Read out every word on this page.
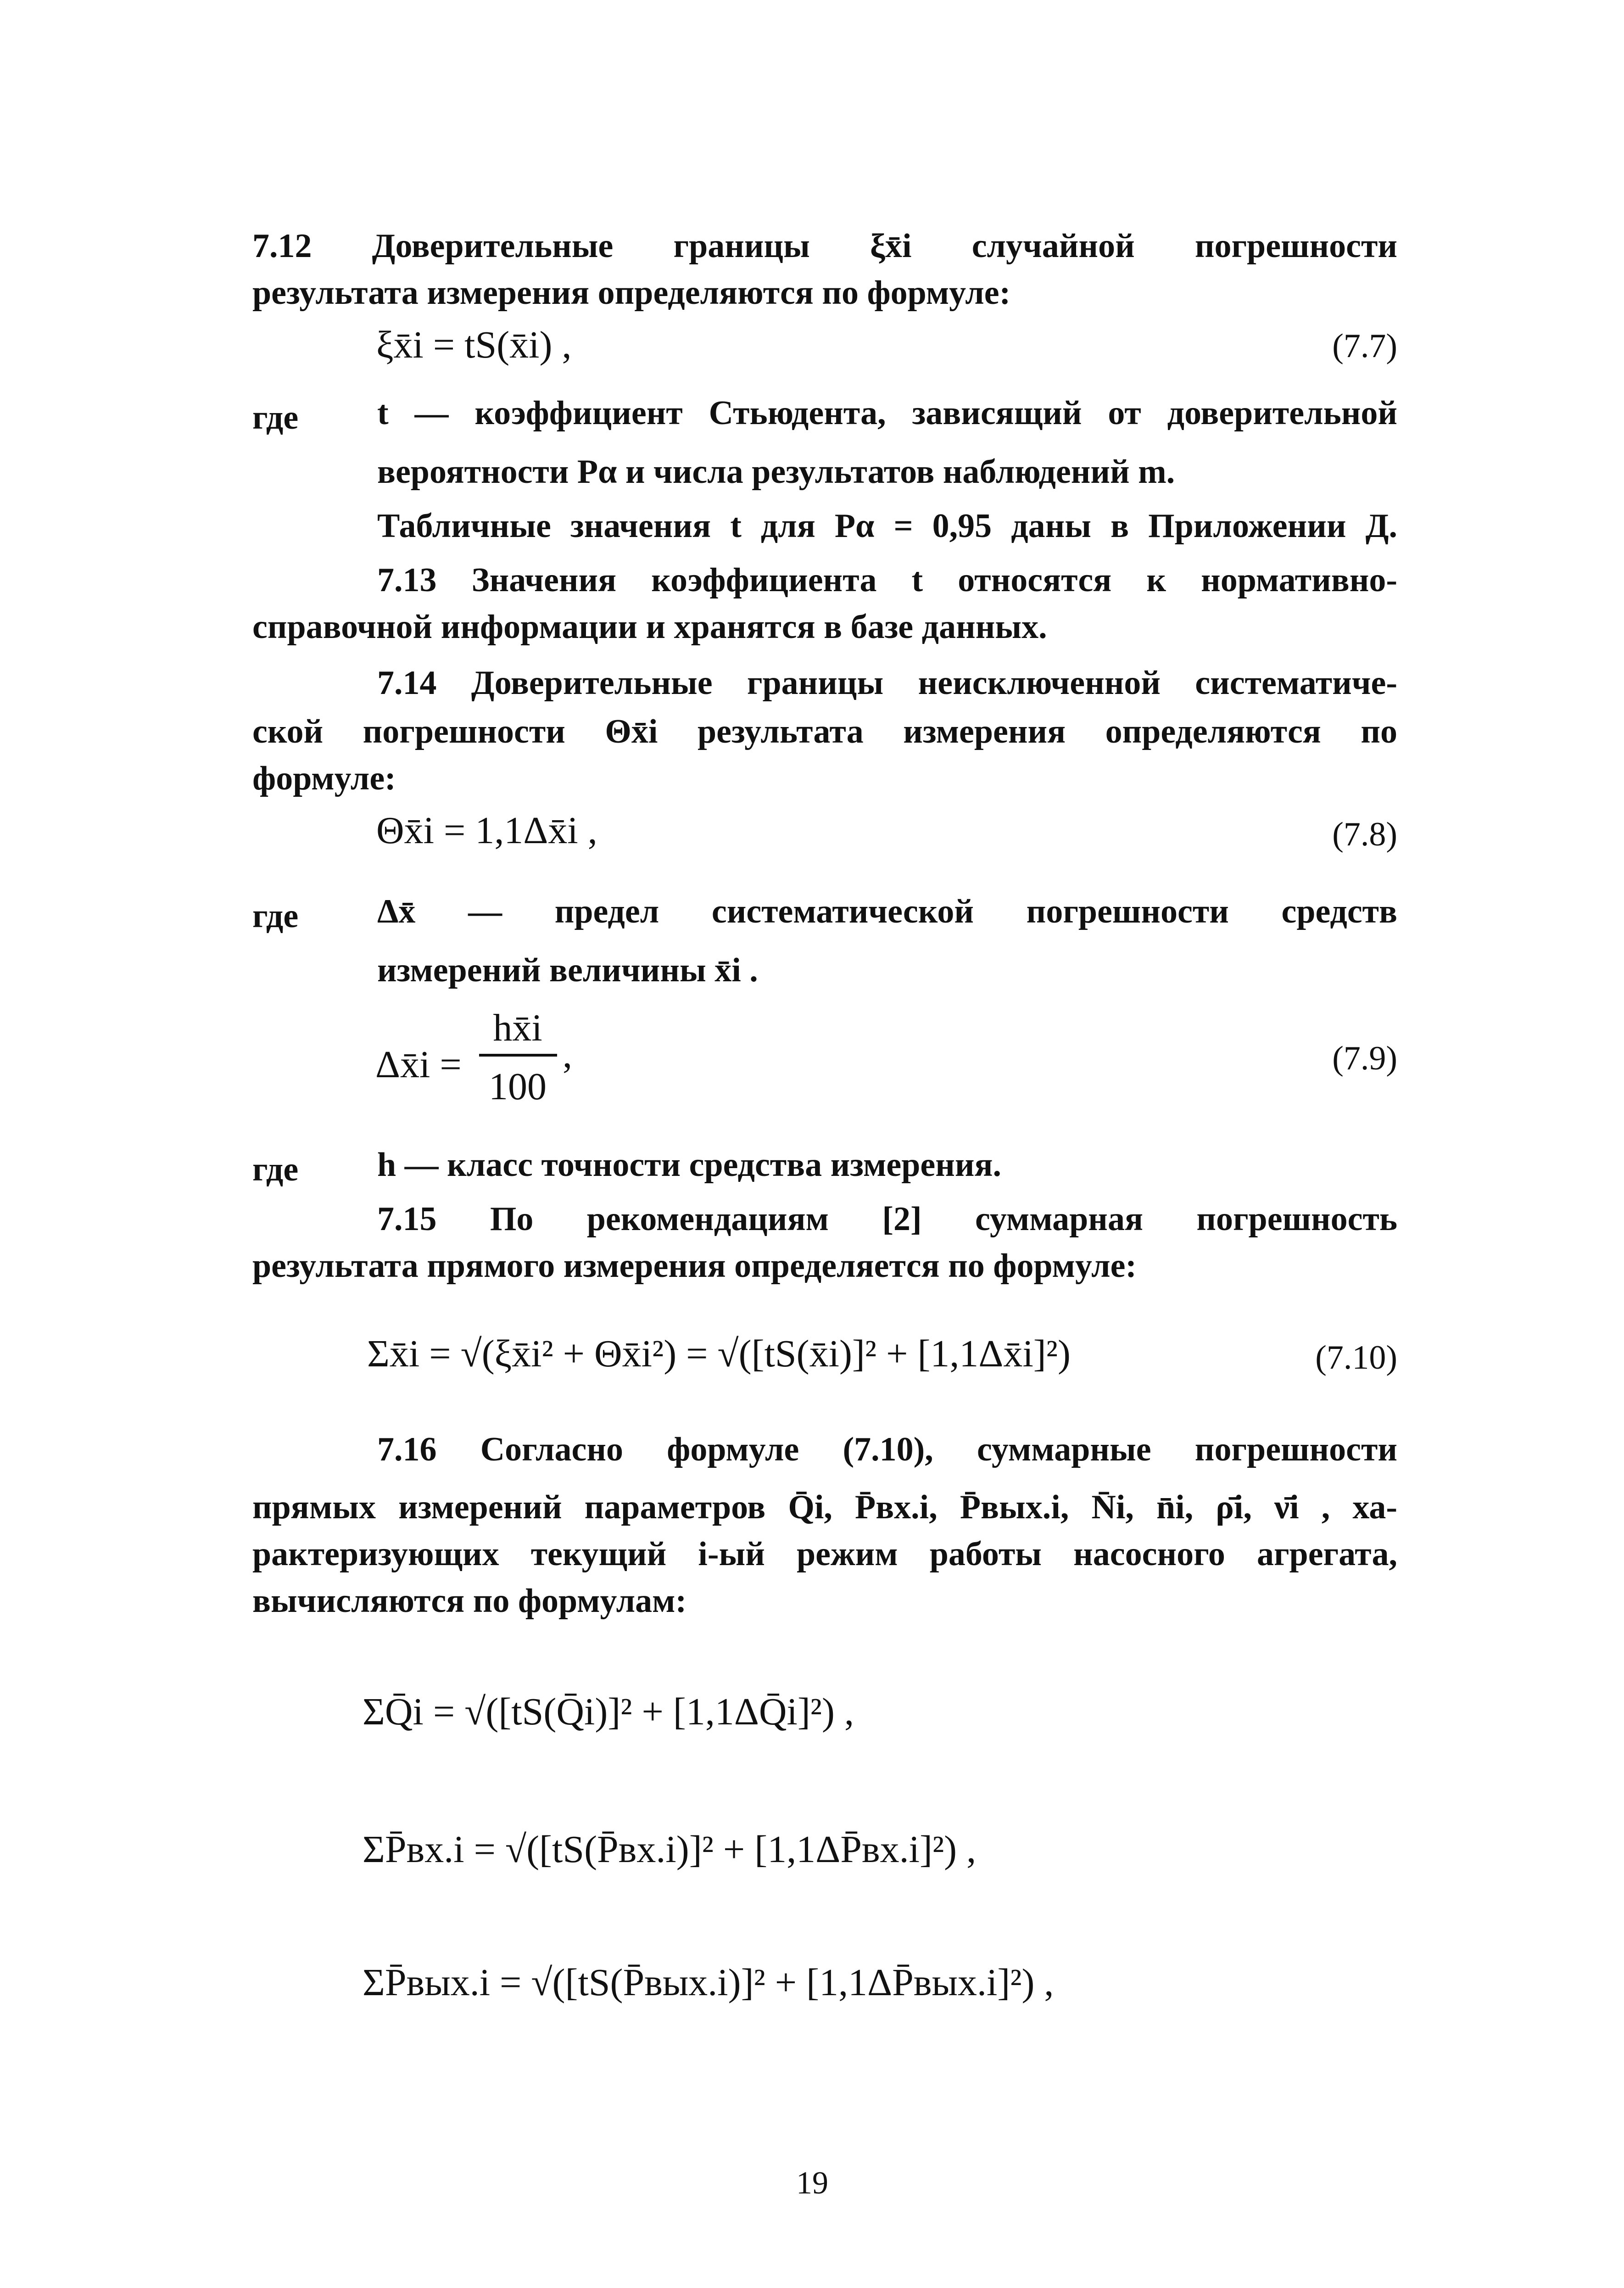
7.12 Доверительные границы ξx̄i случайной погрешности
результата измерения определяются по формуле:
ξx̄i = tS(x̄i) ,	(7.7)
где t — коэффициент Стьюдента, зависящий от доверительной
вероятности Pα и числа результатов наблюдений m.
Табличные значения t для Pα = 0,95 даны в Приложении Д.
7.13 Значения коэффициента t относятся к нормативно-
справочной информации и хранятся в базе данных.
7.14 Доверительные границы неисключенной систематиче-
ской погрешности Θx̄i результата измерения определяются по
формуле:
Θx̄i = 1,1Δx̄i ,	(7.8)
где Δx̄ — предел систематической погрешности средств
измерений величины x̄i .
Δx̄i =
hx̄i
100
,	(7.9)
где h — класс точности средства измерения.
7.15 По рекомендациям [2] суммарная погрешность
результата прямого измерения определяется по формуле:
Σx̄i = √(ξx̄i² + Θx̄i²) = √([tS(x̄i)]² + [1,1Δx̄i]²)	(7.10)
7.16 Согласно формуле (7.10), суммарные погрешности
прямых измерений параметров Q̄i, P̄вх.i, P̄вых.i, N̄i, n̄i, ρ̄i, ν̄i , ха-
рактеризующих текущий i-ый режим работы насосного агрегата,
вычисляются по формулам:
ΣQ̄i = √([tS(Q̄i)]² + [1,1ΔQ̄i]²) ,
ΣP̄вх.i = √([tS(P̄вх.i)]² + [1,1ΔP̄вх.i]²) ,
ΣP̄вых.i = √([tS(P̄вых.i)]² + [1,1ΔP̄вых.i]²) ,
19
